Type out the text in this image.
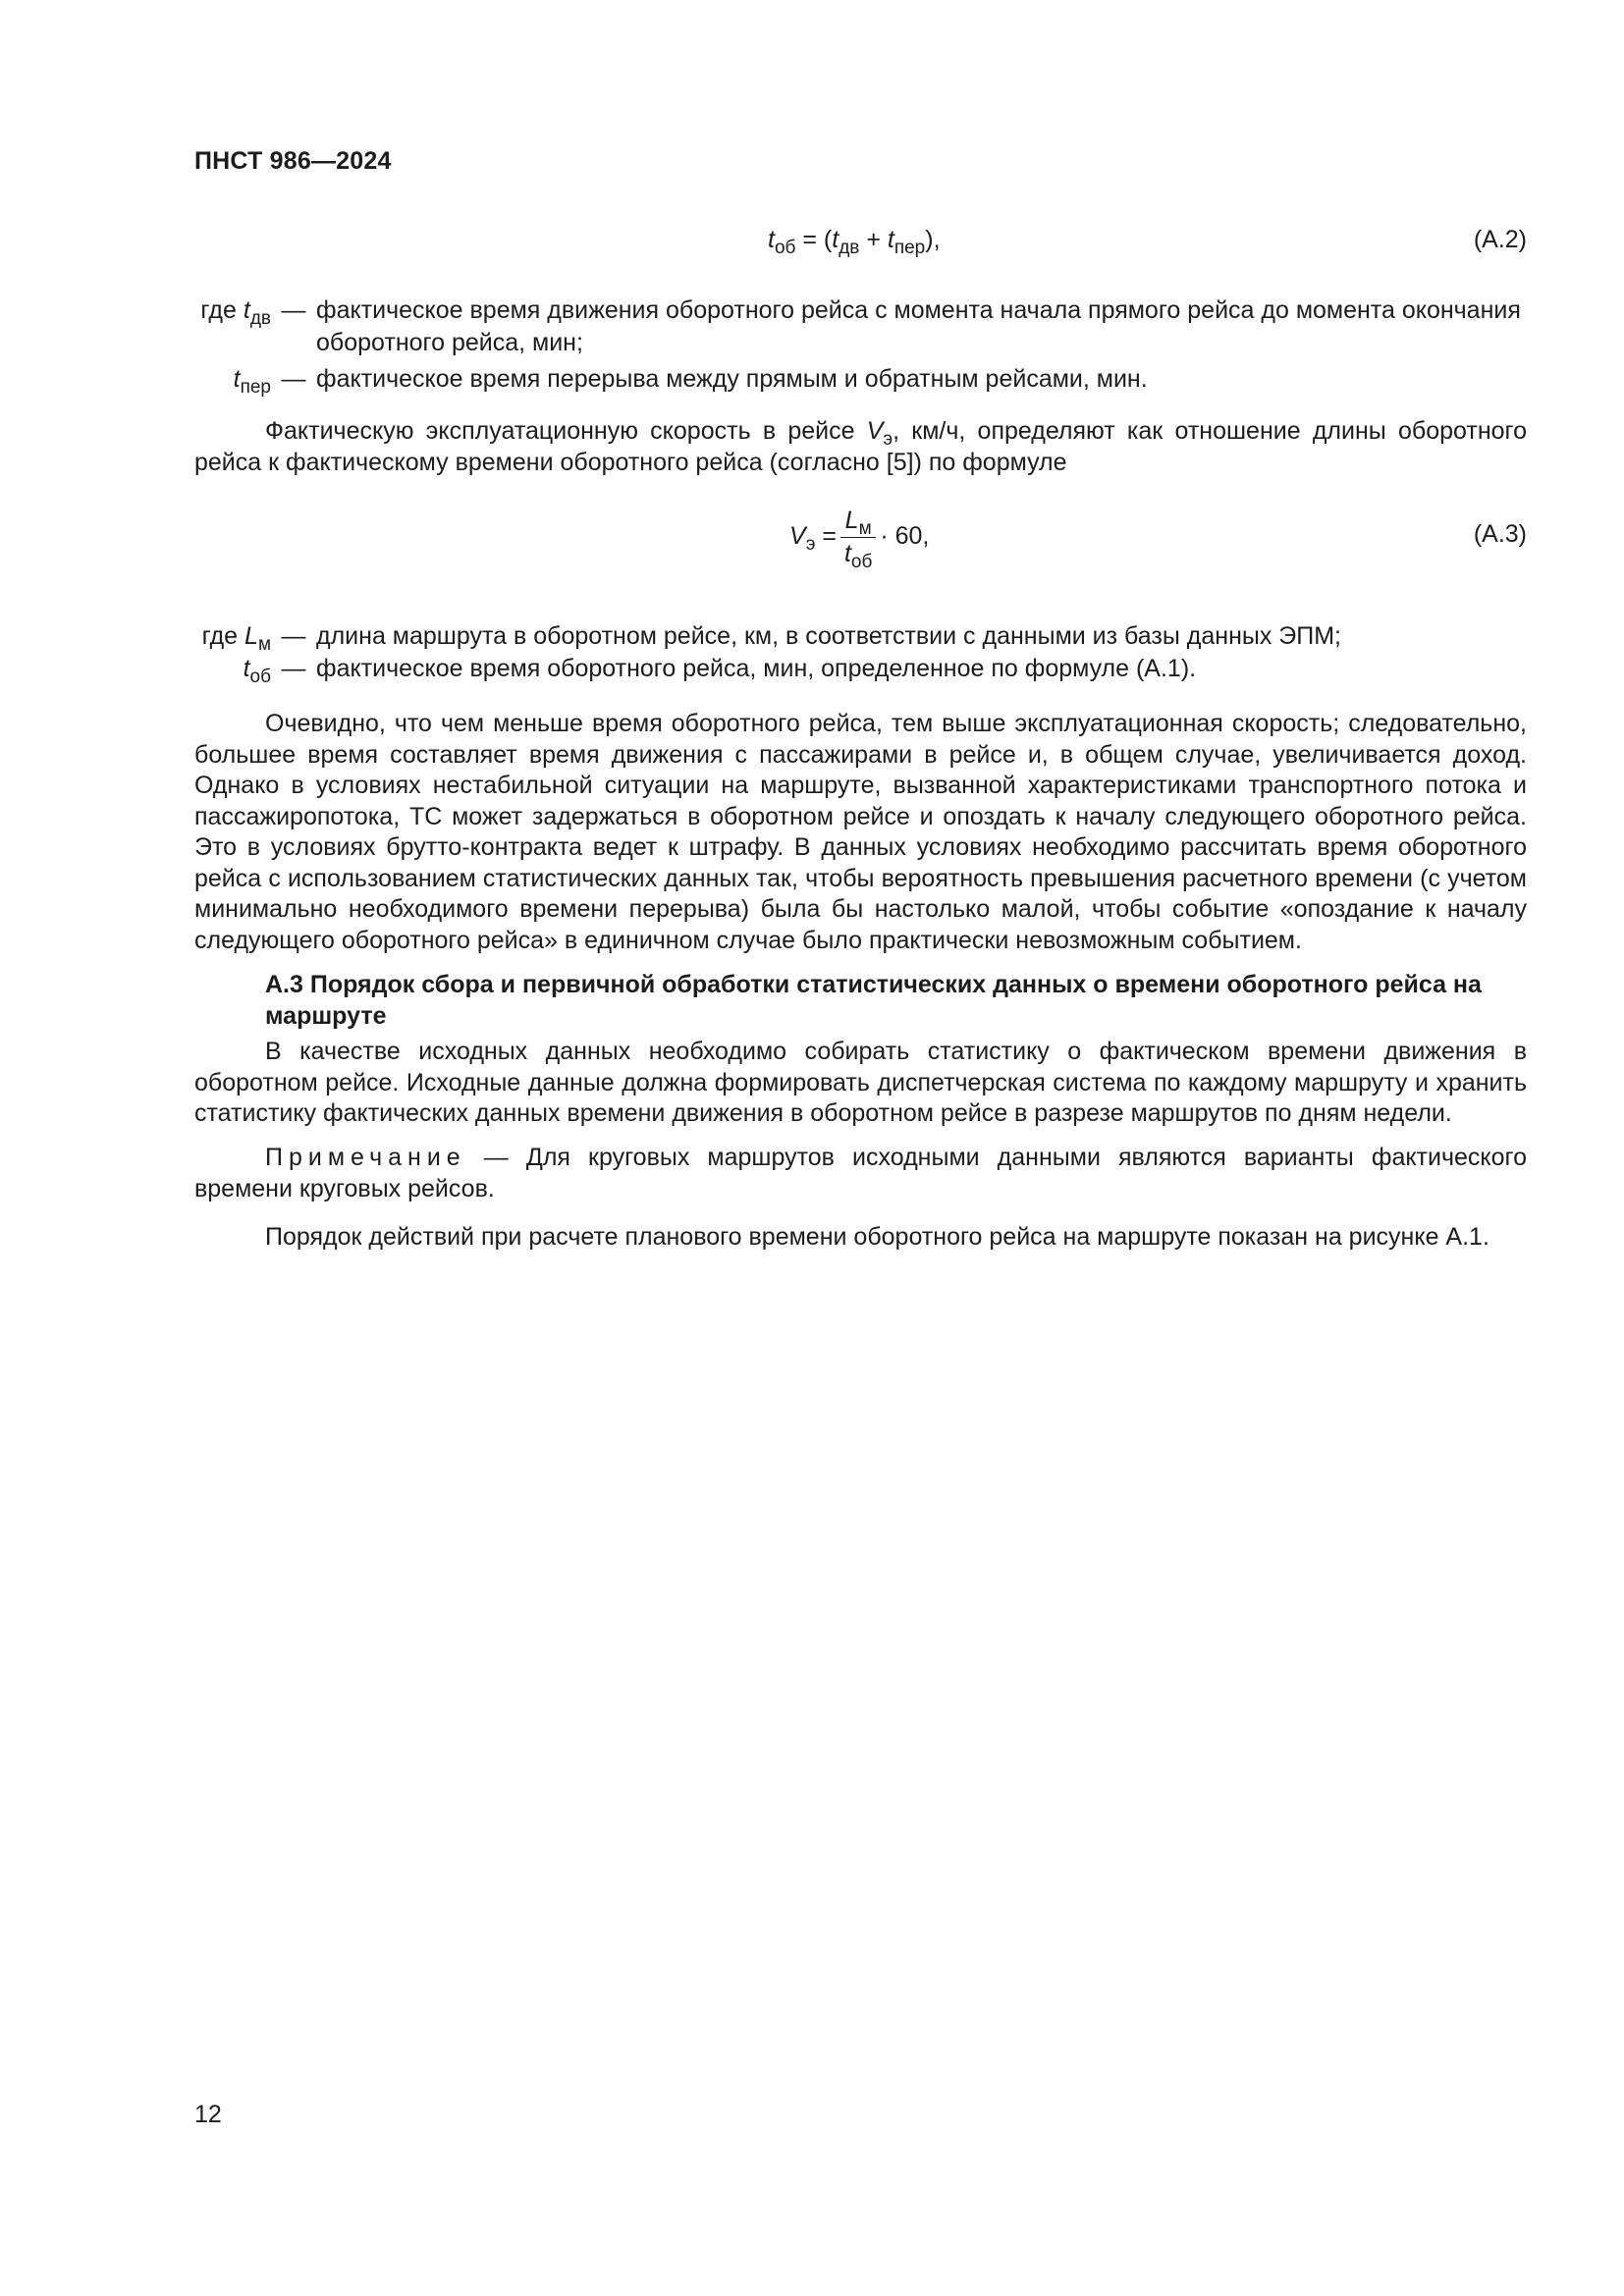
ПНСТ 986—2024
$t_{об} = (t_{дв} + t_{пер})$,	(А.2)
где $t_{дв}$ — фактическое время движения оборотного рейса с момента начала прямого рейса до момента окончания оборотного рейса, мин;
$t_{пер}$ — фактическое время перерыва между прямым и обратным рейсами, мин.

Фактическую эксплуатационную скорость в рейсе $V_э$, км/ч, определяют как отношение длины оборотного рейса к фактическому времени оборотного рейса (согласно [5]) по формуле

$V_э = \frac{L_м}{t_{об}} \cdot 60$,	(А.3)
где $L_м$ — длина маршрута в оборотном рейсе, км, в соответствии с данными из базы данных ЭПМ;
$t_{об}$ — фактическое время оборотного рейса, мин, определенное по формуле (А.1).

Очевидно, что чем меньше время оборотного рейса, тем выше эксплуатационная скорость; следовательно, большее время составляет время движения с пассажирами в рейсе и, в общем случае, увеличивается доход. Однако в условиях нестабильной ситуации на маршруте, вызванной характеристиками транспортного потока и пассажиропотока, ТС может задержаться в оборотном рейсе и опоздать к началу следующего оборотного рейса. Это в условиях брутто-контракта ведет к штрафу. В данных условиях необходимо рассчитать время оборотного рейса с использованием статистических данных так, чтобы вероятность превышения расчетного времени (с учетом минимально необходимого времени перерыва) была бы настолько малой, чтобы событие «опоздание к началу следующего оборотного рейса» в единичном случае было практически невозможным событием.

А.3 Порядок сбора и первичной обработки статистических данных о времени оборотного рейса на маршруте

В качестве исходных данных необходимо собирать статистику о фактическом времени движения в оборотном рейсе. Исходные данные должна формировать диспетчерская система по каждому маршруту и хранить статистику фактических данных времени движения в оборотном рейсе в разрезе маршрутов по дням недели.

Примечание — Для круговых маршрутов исходными данными являются варианты фактического времени круговых рейсов.

Порядок действий при расчете планового времени оборотного рейса на маршруте показан на рисунке А.1.

12
